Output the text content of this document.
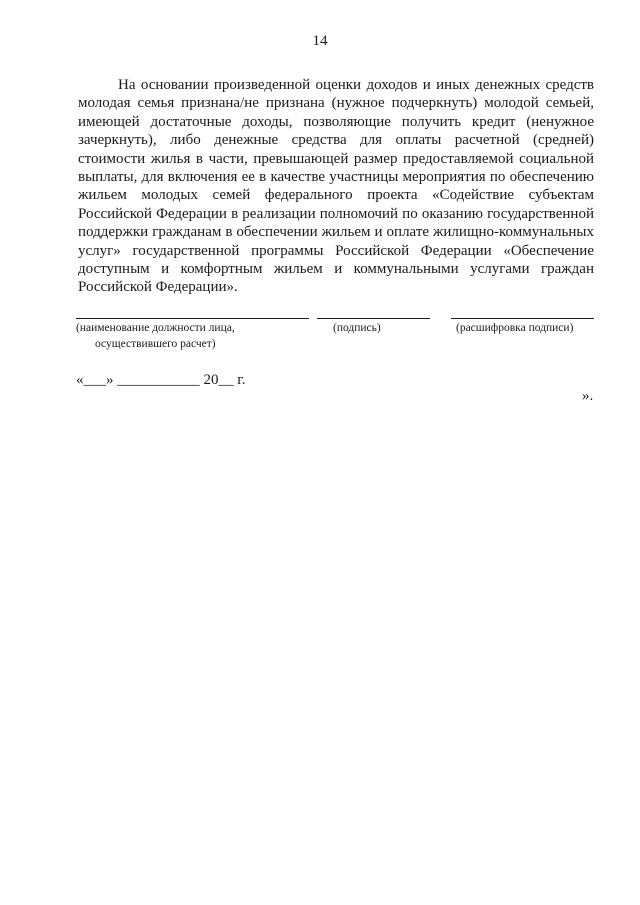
14

На основании произведенной оценки доходов и иных денежных средств молодая семья признана/не признана (нужное подчеркнуть) молодой семьей, имеющей достаточные доходы, позволяющие получить кредит (ненужное зачеркнуть), либо денежные средства для оплаты расчетной (средней) стоимости жилья в части, превышающей размер предоставляемой социальной выплаты, для включения ее в качестве участницы мероприятия по обеспечению жильем молодых семей федерального проекта «Содействие субъектам Российской Федерации в реализации полномочий по оказанию государственной поддержки гражданам в обеспечении жильем и оплате жилищно-коммунальных услуг» государственной программы Российской Федерации «Обеспечение доступным и комфортным жильем и коммунальными услугами граждан Российской Федерации».

(наименование должности лица,
осуществившего расчет)
(подпись)	(расшифровка подписи)
«___» ___________ 20__ г.
».
